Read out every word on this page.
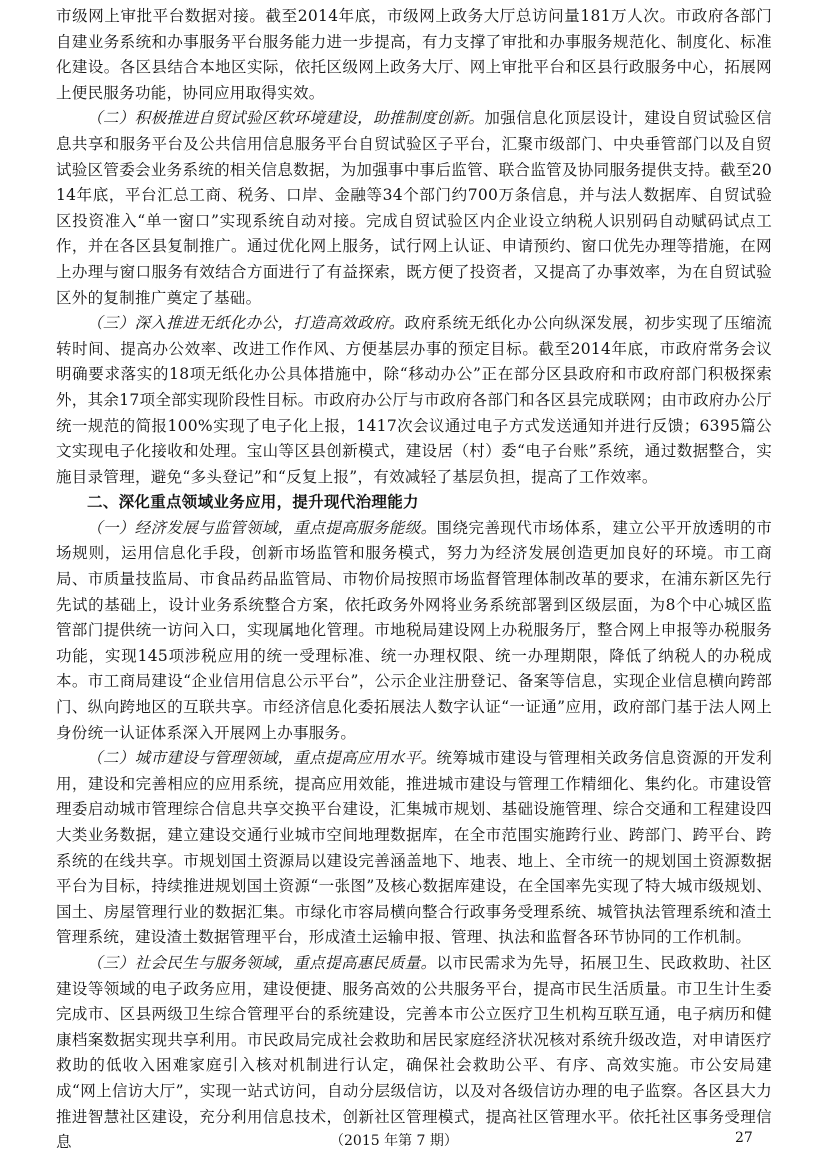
市级网上审批平台数据对接。截至2014年底，市级网上政务大厅总访问量181万人次。市政府各部门自建业务系统和办事服务平台服务能力进一步提高，有力支撑了审批和办事服务规范化、制度化、标准化建设。各区县结合本地区实际，依托区级网上政务大厅、网上审批平台和区县行政服务中心，拓展网上便民服务功能，协同应用取得实效。

（二）积极推进自贸试验区软环境建设，助推制度创新。加强信息化顶层设计，建设自贸试验区信息共享和服务平台及公共信用信息服务平台自贸试验区子平台，汇聚市级部门、中央垂管部门以及自贸试验区管委会业务系统的相关信息数据，为加强事中事后监管、联合监管及协同服务提供支持。截至2014年底，平台汇总工商、税务、口岸、金融等34个部门约700万条信息，并与法人数据库、自贸试验区投资准入“单一窗口”实现系统自动对接。完成自贸试验区内企业设立纳税人识别码自动赋码试点工作，并在各区县复制推广。通过优化网上服务，试行网上认证、申请预约、窗口优先办理等措施，在网上办理与窗口服务有效结合方面进行了有益探索，既方便了投资者，又提高了办事效率，为在自贸试验区外的复制推广奠定了基础。

（三）深入推进无纸化办公，打造高效政府。政府系统无纸化办公向纵深发展，初步实现了压缩流转时间、提高办公效率、改进工作作风、方便基层办事的预定目标。截至2014年底，市政府常务会议明确要求落实的18项无纸化办公具体措施中，除“移动办公”正在部分区县政府和市政府部门积极探索外，其余17项全部实现阶段性目标。市政府办公厅与市政府各部门和各区县完成联网；由市政府办公厅统一规范的简报100%实现了电子化上报，1417次会议通过电子方式发送通知并进行反馈；6395篇公文实现电子化接收和处理。宝山等区县创新模式，建设居（村）委“电子台账”系统，通过数据整合，实施目录管理，避免“多头登记”和“反复上报”，有效减轻了基层负担，提高了工作效率。

二、深化重点领域业务应用，提升现代治理能力

（一）经济发展与监管领域，重点提高服务能级。围绕完善现代市场体系，建立公平开放透明的市场规则，运用信息化手段，创新市场监管和服务模式，努力为经济发展创造更加良好的环境。市工商局、市质量技监局、市食品药品监管局、市物价局按照市场监督管理体制改革的要求，在浦东新区先行先试的基础上，设计业务系统整合方案，依托政务外网将业务系统部署到区级层面，为8个中心城区监管部门提供统一访问入口，实现属地化管理。市地税局建设网上办税服务厅，整合网上申报等办税服务功能，实现145项涉税应用的统一受理标准、统一办理权限、统一办理期限，降低了纳税人的办税成本。市工商局建设“企业信用信息公示平台”，公示企业注册登记、备案等信息，实现企业信息横向跨部门、纵向跨地区的互联共享。市经济信息化委拓展法人数字认证“一证通”应用，政府部门基于法人网上身份统一认证体系深入开展网上办事服务。

（二）城市建设与管理领域，重点提高应用水平。统筹城市建设与管理相关政务信息资源的开发利用，建设和完善相应的应用系统，提高应用效能，推进城市建设与管理工作精细化、集约化。市建设管理委启动城市管理综合信息共享交换平台建设，汇集城市规划、基础设施管理、综合交通和工程建设四大类业务数据，建立建设交通行业城市空间地理数据库，在全市范围实施跨行业、跨部门、跨平台、跨系统的在线共享。市规划国土资源局以建设完善涵盖地下、地表、地上、全市统一的规划国土资源数据平台为目标，持续推进规划国土资源“一张图”及核心数据库建设，在全国率先实现了特大城市级规划、国土、房屋管理行业的数据汇集。市绿化市容局横向整合行政事务受理系统、城管执法管理系统和渣土管理系统，建设渣土数据管理平台，形成渣土运输申报、管理、执法和监督各环节协同的工作机制。

（三）社会民生与服务领域，重点提高惠民质量。以市民需求为先导，拓展卫生、民政救助、社区建设等领域的电子政务应用，建设便捷、服务高效的公共服务平台，提高市民生活质量。市卫生计生委完成市、区县两级卫生综合管理平台的系统建设，完善本市公立医疗卫生机构互联互通，电子病历和健康档案数据实现共享利用。市民政局完成社会救助和居民家庭经济状况核对系统升级改造，对申请医疗救助的低收入困难家庭引入核对机制进行认定，确保社会救助公平、有序、高效实施。市公安局建成“网上信访大厅”，实现一站式访问，自动分层级信访，以及对各级信访办理的电子监察。各区县大力推进智慧社区建设，充分利用信息技术，创新社区管理模式，提高社区管理水平。依托社区事务受理信息	（2015 年第 7 期）	27
